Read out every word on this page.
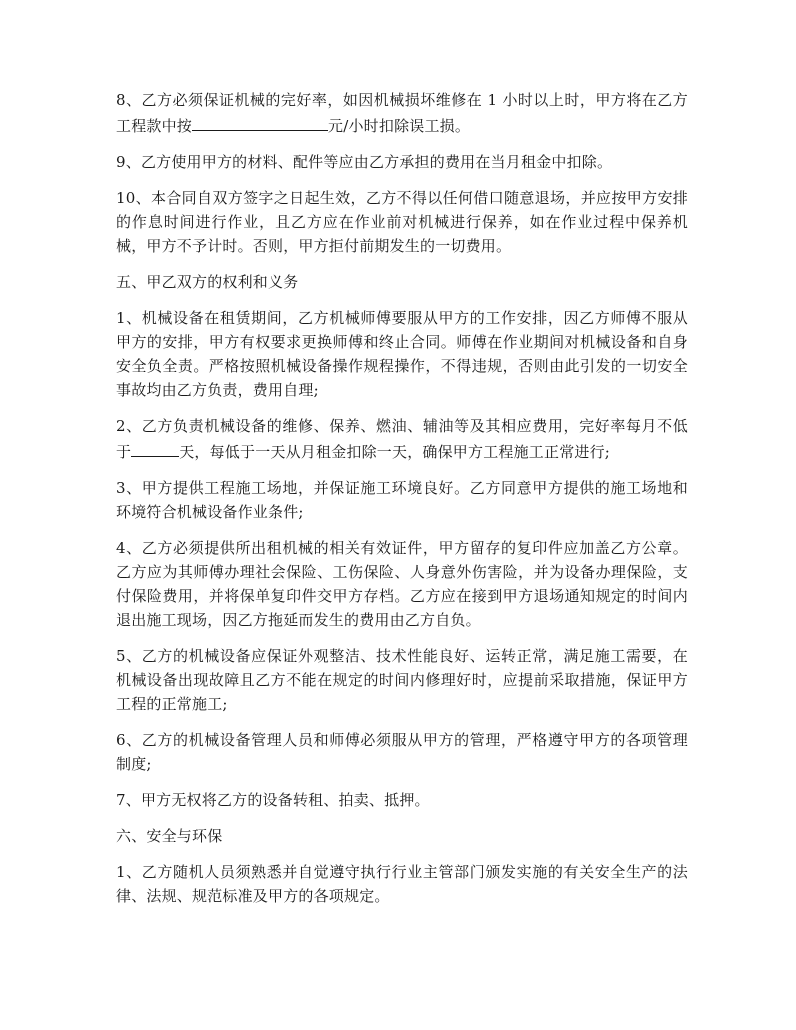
8、乙方必须保证机械的完好率，如因机械损坏维修在 1 小时以上时，甲方将在乙方工程款中按	元/小时扣除误工损。

9、乙方使用甲方的材料、配件等应由乙方承担的费用在当月租金中扣除。

10、本合同自双方签字之日起生效，乙方不得以任何借口随意退场，并应按甲方安排的作息时间进行作业，且乙方应在作业前对机械进行保养，如在作业过程中保养机械，甲方不予计时。否则，甲方拒付前期发生的一切费用。

五、甲乙双方的权利和义务

1、机械设备在租赁期间，乙方机械师傅要服从甲方的工作安排，因乙方师傅不服从甲方的安排，甲方有权要求更换师傅和终止合同。师傅在作业期间对机械设备和自身安全负全责。严格按照机械设备操作规程操作，不得违规，否则由此引发的一切安全事故均由乙方负责，费用自理;

2、乙方负责机械设备的维修、保养、燃油、辅油等及其相应费用，完好率每月不低于	天，每低于一天从月租金扣除一天，确保甲方工程施工正常进行;

3、甲方提供工程施工场地，并保证施工环境良好。乙方同意甲方提供的施工场地和环境符合机械设备作业条件;

4、乙方必须提供所出租机械的相关有效证件，甲方留存的复印件应加盖乙方公章。乙方应为其师傅办理社会保险、工伤保险、人身意外伤害险，并为设备办理保险，支付保险费用，并将保单复印件交甲方存档。乙方应在接到甲方退场通知规定的时间内退出施工现场，因乙方拖延而发生的费用由乙方自负。

5、乙方的机械设备应保证外观整洁、技术性能良好、运转正常，满足施工需要，在机械设备出现故障且乙方不能在规定的时间内修理好时，应提前采取措施，保证甲方工程的正常施工;

6、乙方的机械设备管理人员和师傅必须服从甲方的管理，严格遵守甲方的各项管理制度;

7、甲方无权将乙方的设备转租、拍卖、抵押。

六、安全与环保

1、乙方随机人员须熟悉并自觉遵守执行行业主管部门颁发实施的有关安全生产的法律、法规、规范标准及甲方的各项规定。
